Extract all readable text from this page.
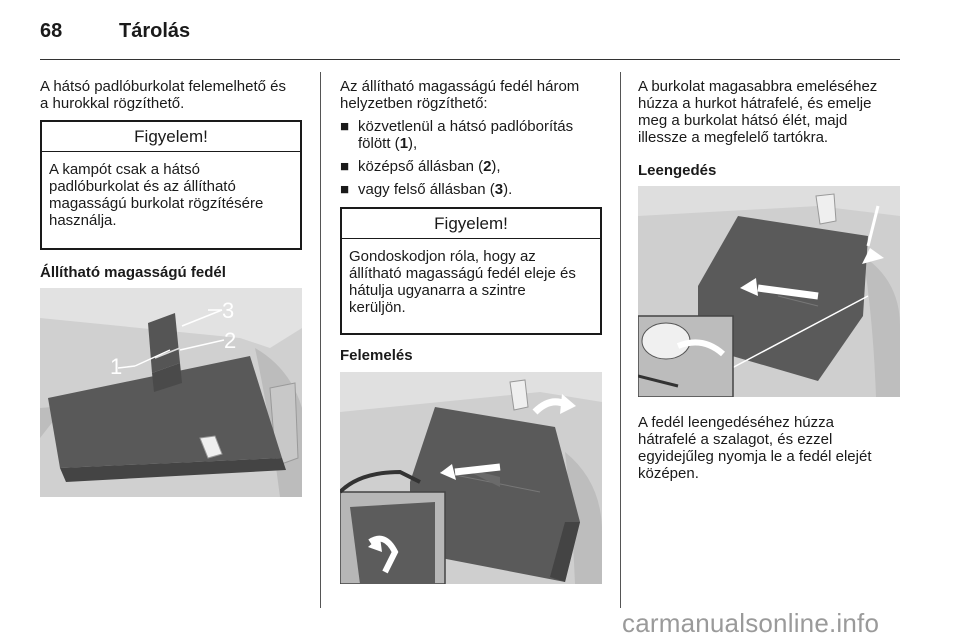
68	Tárolás

A hátsó padlóburkolat felemelhető és

a hurokkal rögzíthető.

Figyelem!

A kampót csak a hátsó

padlóburkolat és az állítható

magasságú burkolat rögzítésére

használja.

Állítható magasságú fedél

3
2
1

Az állítható magasságú fedél három

helyzetben rögzíthető:

■ közvetlenül a hátsó padlóborítás

fölött (1),

■ középső állásban (2),

■ vagy felső állásban (3).

Figyelem!

Gondoskodjon róla, hogy az

állítható magasságú fedél eleje és

hátulja ugyanarra a szintre

kerüljön.

Felemelés

A burkolat magasabbra emeléséhez

húzza a hurkot hátrafelé, és emelje

meg a burkolat hátsó élét, majd

illessze a megfelelő tartókra.

Leengedés

A fedél leengedéséhez húzza

hátrafelé a szalagot, és ezzel

egyidejűleg nyomja le a fedél elejét

középen.

carmanualsonline.info
